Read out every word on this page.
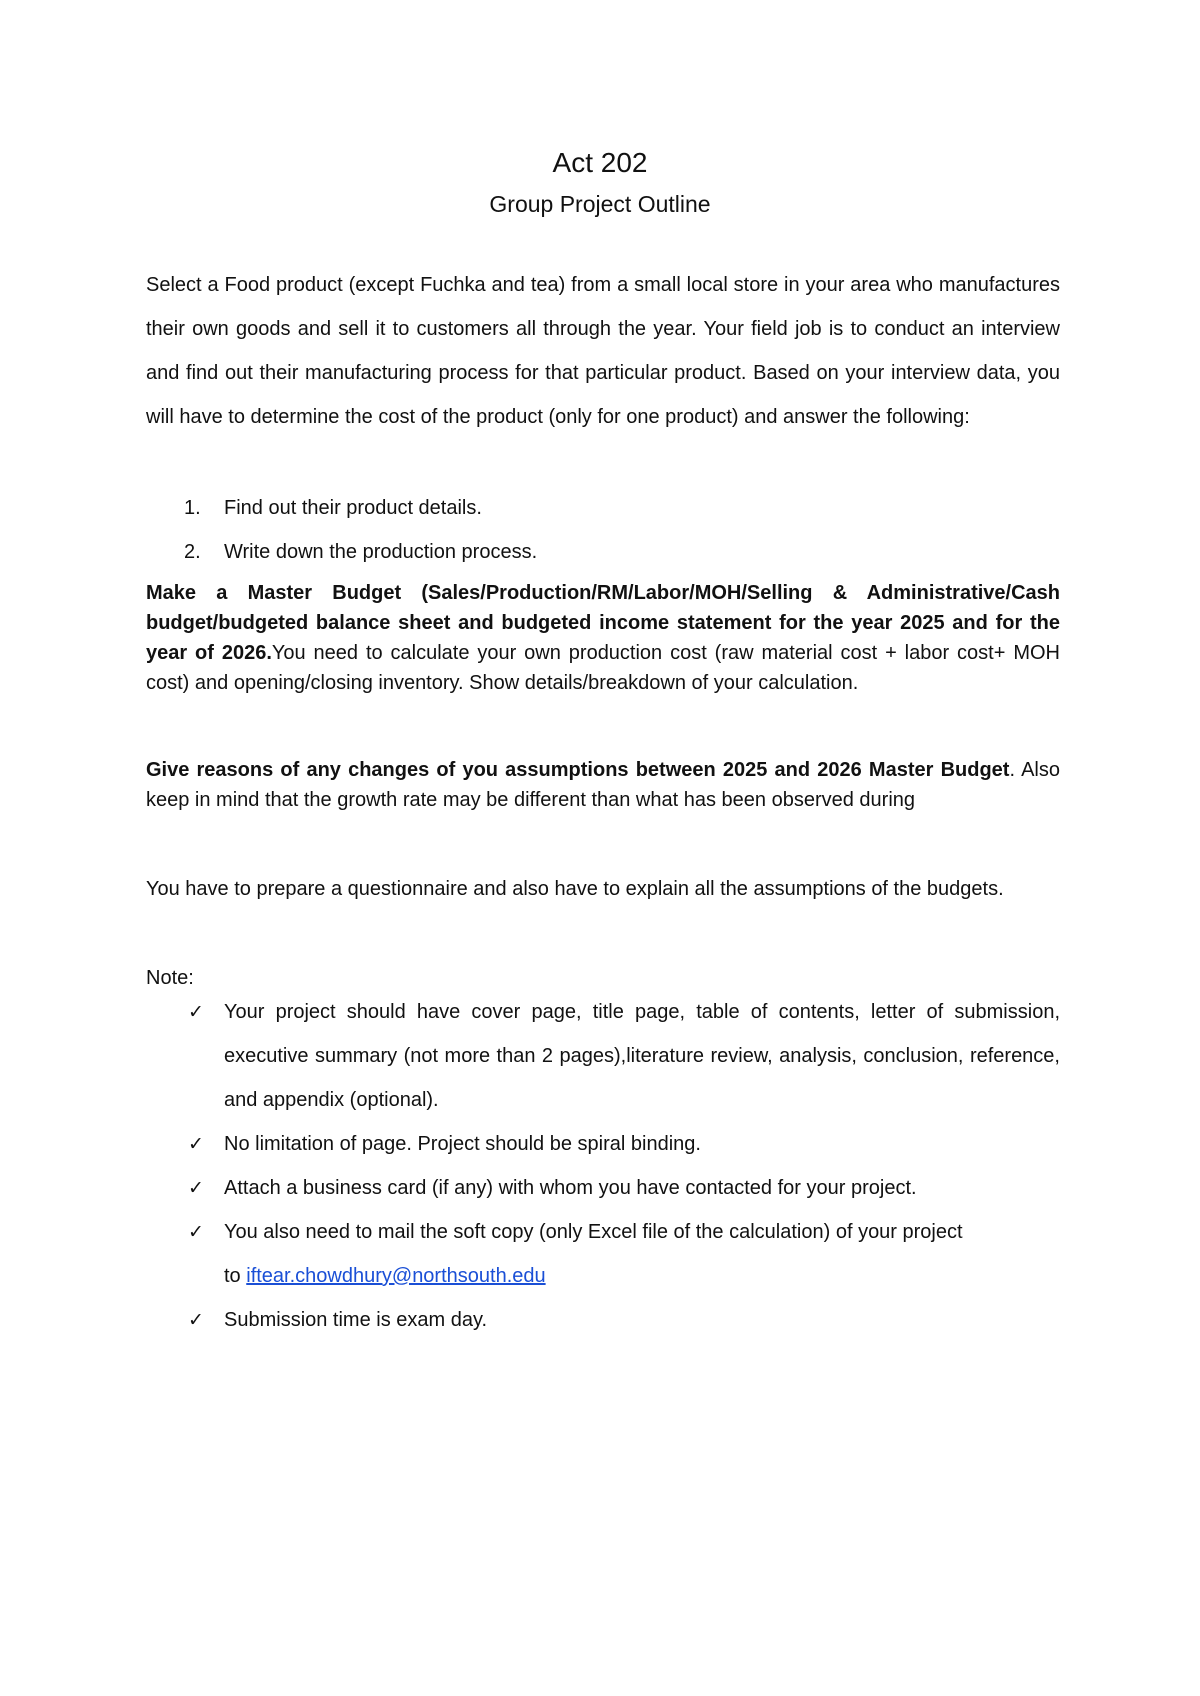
Act 202
Group Project Outline
Select a Food product (except Fuchka and tea) from a small local store in your area who manufactures their own goods and sell it to customers all through the year. Your field job is to conduct an interview and find out their manufacturing process for that particular product. Based on your interview data, you will have to determine the cost of the product (only for one product) and answer the following:
1. Find out their product details.
2. Write down the production process.
Make a Master Budget (Sales/Production/RM/Labor/MOH/Selling & Administrative/Cash budget/budgeted balance sheet and budgeted income statement for the year 2025 and for the year of 2026.You need to calculate your own production cost (raw material cost + labor cost+ MOH cost) and opening/closing inventory. Show details/breakdown of your calculation.
Give reasons of any changes of you assumptions between 2025 and 2026 Master Budget. Also keep in mind that the growth rate may be different than what has been observed during
You have to prepare a questionnaire and also have to explain all the assumptions of the budgets.
Note:
✓ Your project should have cover page, title page, table of contents, letter of submission, executive summary (not more than 2 pages),literature review, analysis, conclusion, reference, and appendix (optional).
✓ No limitation of page. Project should be spiral binding.
✓ Attach a business card (if any) with whom you have contacted for your project.
✓ You also need to mail the soft copy (only Excel file of the calculation) of your project
to iftear.chowdhury@northsouth.edu
✓ Submission time is exam day.
